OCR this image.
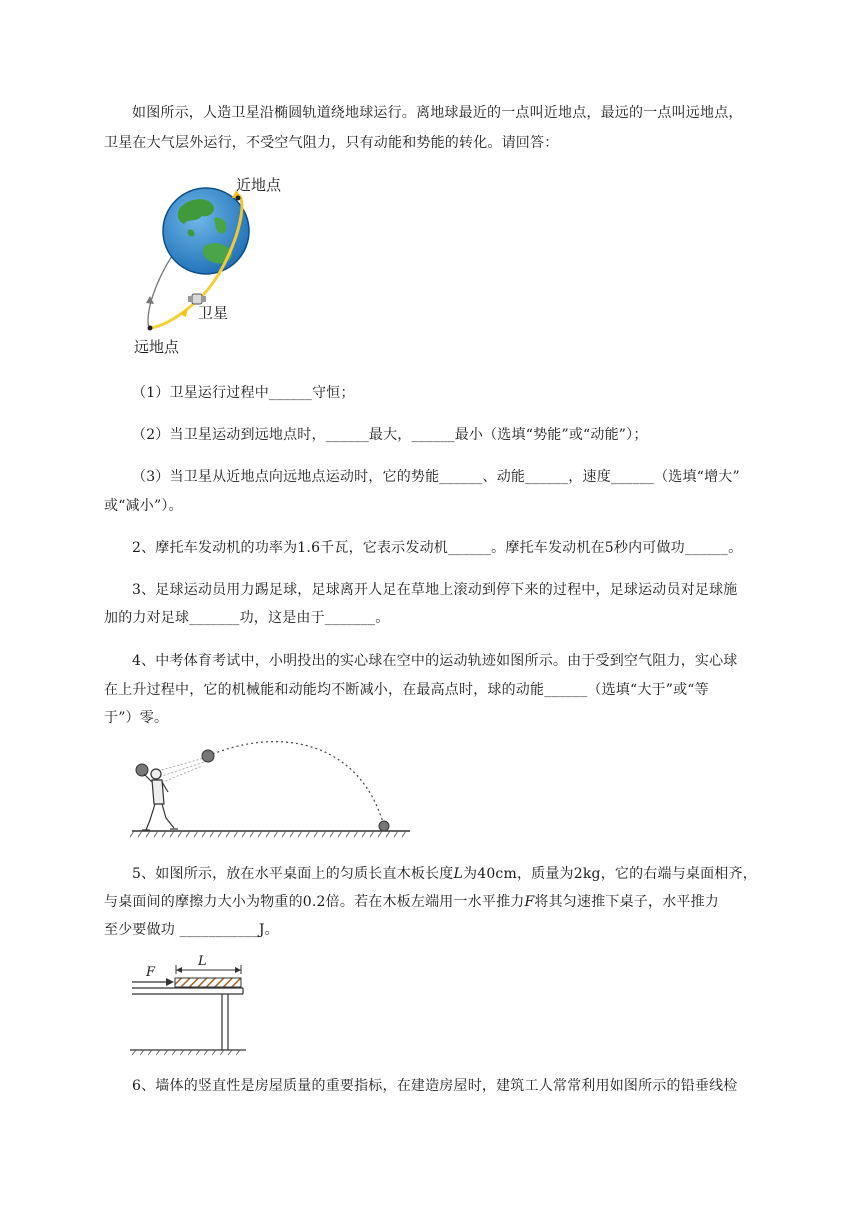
如图所示，人造卫星沿椭圆轨道绕地球运行。离地球最近的一点叫近地点，最远的一点叫远地点，

卫星在大气层外运行，不受空气阻力，只有动能和势能的转化。请回答：

近地点
卫星
远地点

（1）卫星运行过程中______守恒；

（2）当卫星运动到远地点时，______最大，______最小（选填“势能”或“动能”）；

（3）当卫星从近地点向远地点运动时，它的势能______、动能______，速度______（选填“增大”

或“减小”）。

2、摩托车发动机的功率为1.6千瓦，它表示发动机______。摩托车发动机在5秒内可做功______。

3、足球运动员用力踢足球，足球离开人足在草地上滚动到停下来的过程中，足球运动员对足球施

加的力对足球_______功，这是由于_______。

4、中考体育考试中，小明投出的实心球在空中的运动轨迹如图所示。由于受到空气阻力，实心球

在上升过程中，它的机械能和动能均不断减小，在最高点时，球的动能______（选填“大于”或“等

于”）零。

5、如图所示，放在水平桌面上的匀质长直木板长度L为40cm，质量为2kg，它的右端与桌面相齐，

与桌面间的摩擦力大小为物重的0.2倍。若在木板左端用一水平推力F将其匀速推下桌子，水平推力

至少要做功 ___________J。

F
L

6、墙体的竖直性是房屋质量的重要指标，在建造房屋时，建筑工人常常利用如图所示的铅垂线检
